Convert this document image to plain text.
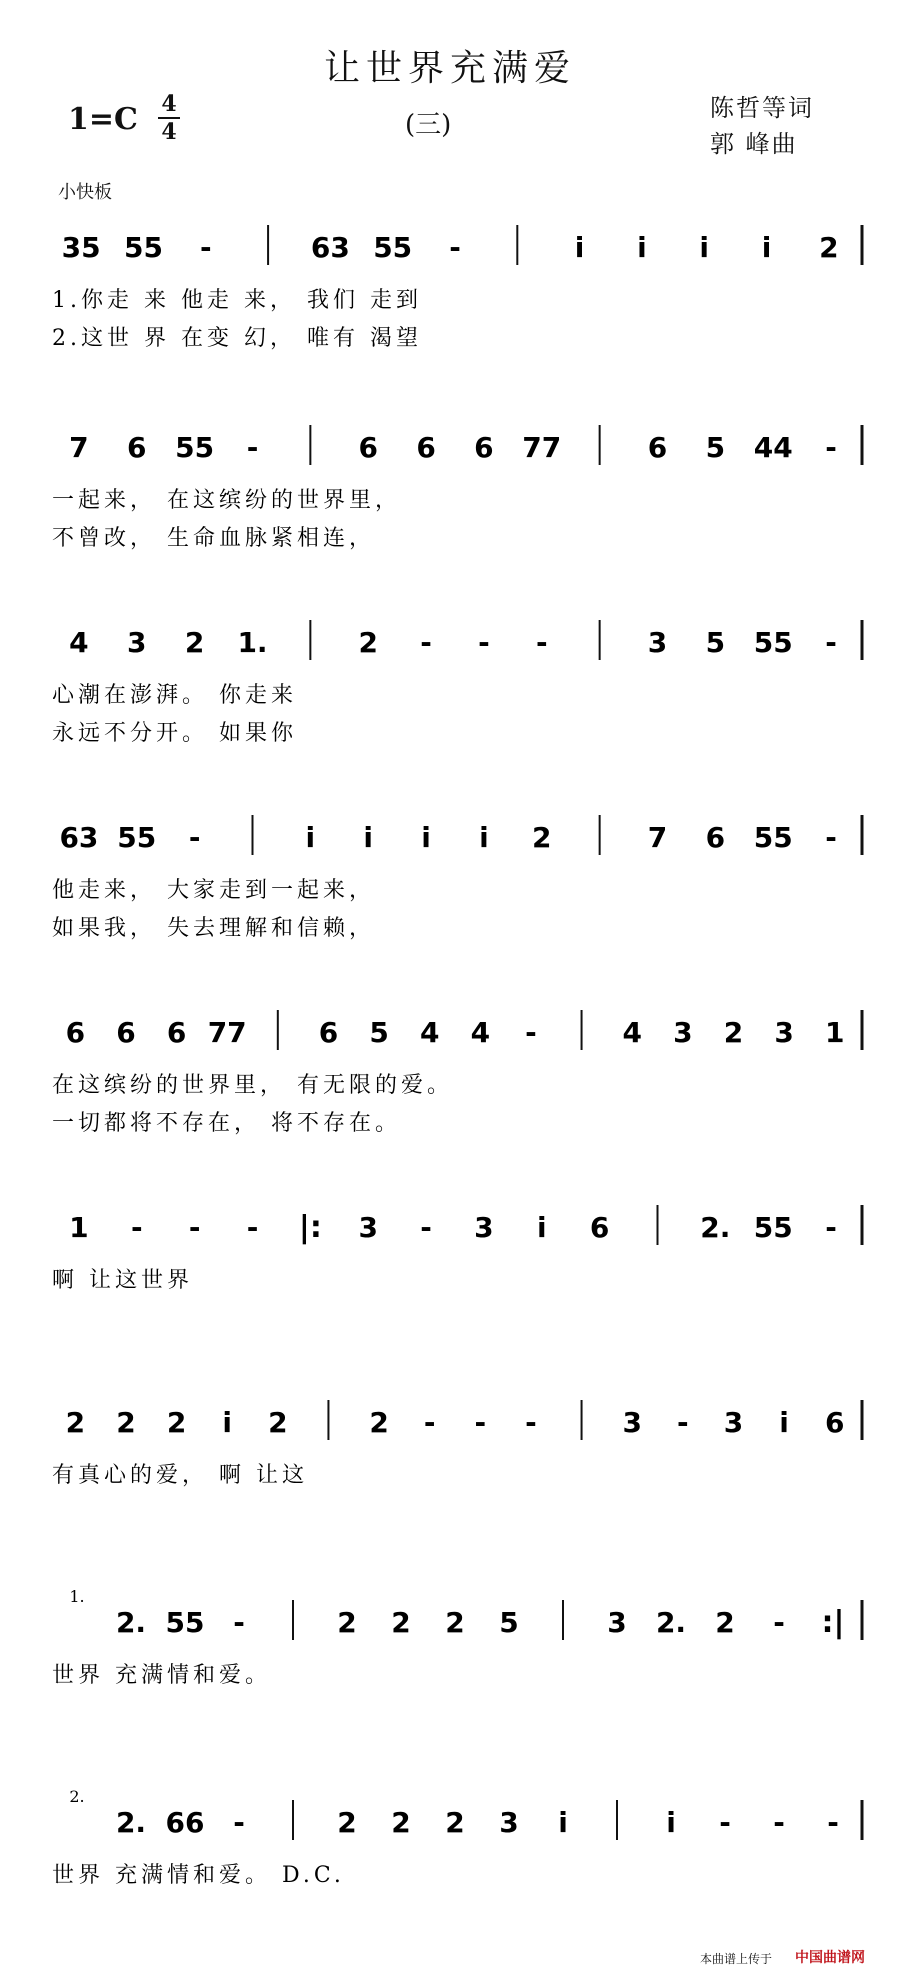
让世界充满爱
1=C 4
4	(三)
陈哲等词
郭 峰曲
小快板
35 55 -	63 55 -	i i i i 2
1.你走 来 他走 来， 我们 走到
2.这世 界 在变 幻， 唯有 渴望
7 6 55 -	6 6 6 77	6 5 44 -
一起来， 在这缤纷的世界里，
不曾改， 生命血脉紧相连，
4 3 2 1.	2 - - -	3 5 55 -
心潮在澎湃。 你走来
永远不分开。 如果你
63 55 -	i i i i 2	7 6 55 -
他走来， 大家走到一起来，
如果我， 失去理解和信赖，
6 6 6 77	6 5 4 4 -	4 3 2 3 1
在这缤纷的世界里， 有无限的爱。
一切都将不存在， 将不存在。
1 - - - |: 3 - 3 i 6	2. 55 -
啊 让这世界
2 2 2 i 2	2 - - -	3 - 3 i 6
有真心的爱， 啊 让这
1.
2. 55 -	2 2 2 5	3 2. 2 - :|
世界 充满情和爱。
2.
2. 66 -	2 2 2 3 i	i - - -
世界 充满情和爱。 D.C.
本曲谱上传于 中国曲谱网
